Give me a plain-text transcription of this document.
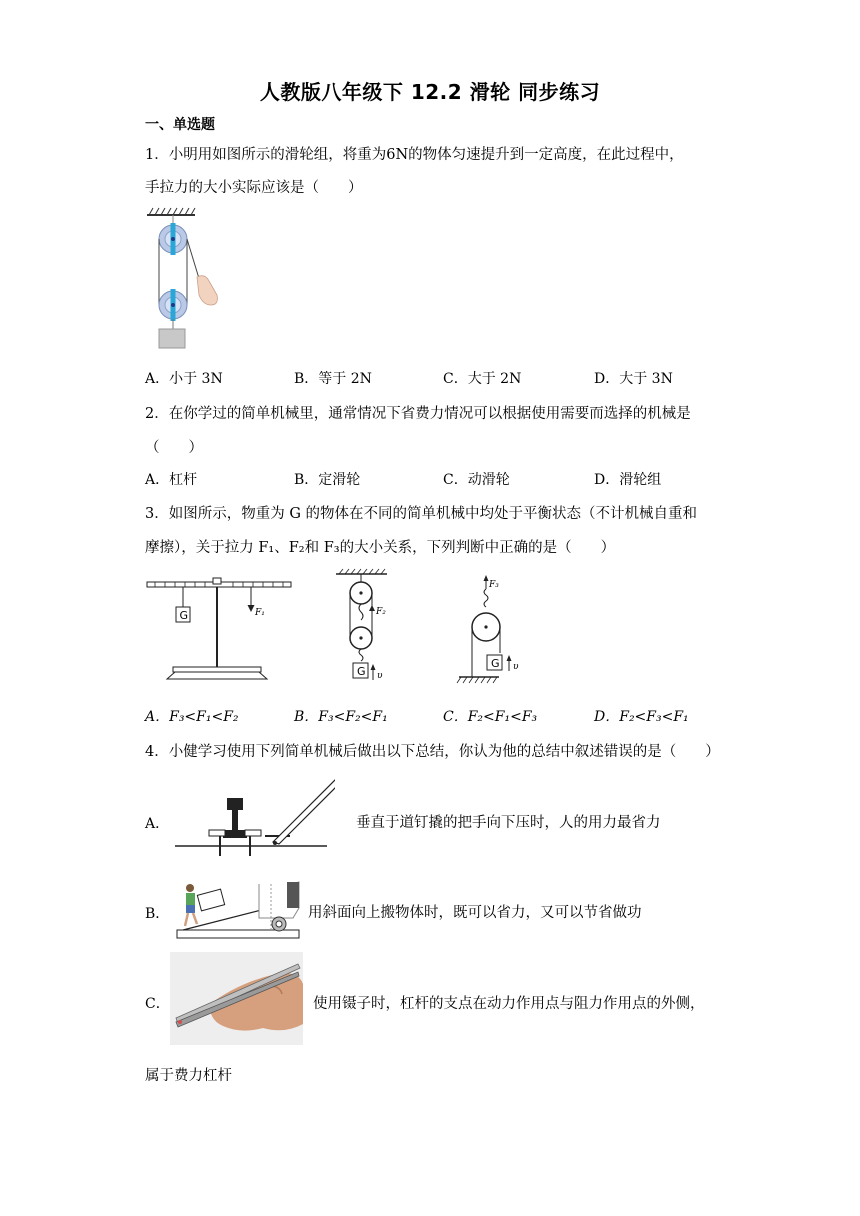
人教版八年级下 12.2 滑轮 同步练习
一、单选题
1．小明用如图所示的滑轮组，将重为6N的物体匀速提升到一定高度，在此过程中，
手拉力的大小实际应该是（　　）
A．小于 3N	B．等于 2N	C．大于 2N	D．大于 3N
2．在你学过的简单机械里，通常情况下省费力情况可以根据使用需要而选择的机械是
（　　）
A．杠杆	B．定滑轮	C．动滑轮	D．滑轮组
3．如图所示，物重为 G 的物体在不同的简单机械中均处于平衡状态（不计机械自重和
摩擦），关于拉力 F₁、F₂和 F₃的大小关系，下列判断中正确的是（　　）
G	F₁	F₂
G υ
F₃
G υ
A．F₃<F₁<F₂	B．F₃<F₂<F₁	C．F₂<F₁<F₃	D．F₂<F₃<F₁
4．小健学习使用下列简单机械后做出以下总结，你认为他的总结中叙述错误的是（　　）
A．	垂直于道钉撬的把手向下压时，人的用力最省力
B．	用斜面向上搬物体时，既可以省力，又可以节省做功
C．	使用镊子时，杠杆的支点在动力作用点与阻力作用点的外侧，
属于费力杠杆
